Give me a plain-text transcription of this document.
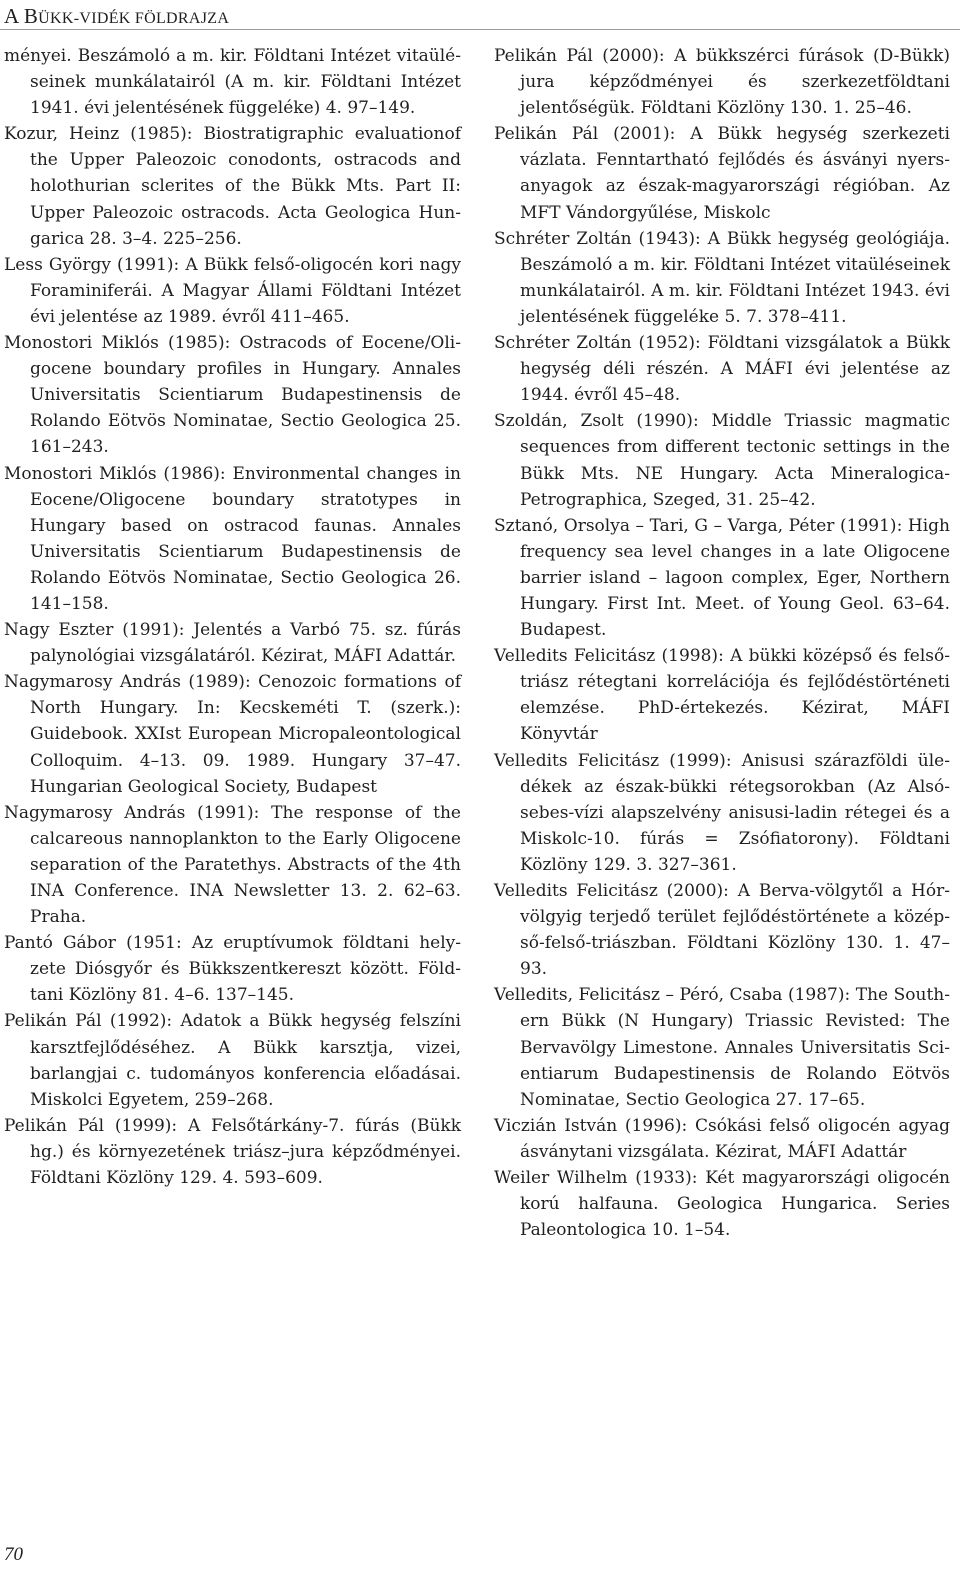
A BÜKK-VIDÉK FÖLDRAJZA

ményei. Beszámoló a m. kir. Földtani Intézet vitaüléseinek munkálatairól (A m. kir. Földtani Intézet 1941. évi jelentésének függeléke) 4. 97–149.

Kozur, Heinz (1985): Biostratigraphic evaluationof the Upper Paleozoic conodonts, ostracods and holothurian sclerites of the Bükk Mts. Part II: Upper Paleozoic ostracods. Acta Geologica Hungarica 28. 3–4. 225–256.

Less György (1991): A Bükk felső-oligocén kori nagy Foraminiferái. A Magyar Állami Földtani Intézet évi jelentése az 1989. évről 411–465.

Monostori Miklós (1985): Ostracods of Eocene/Oligocene boundary profiles in Hungary. Annales Universitatis Scientiarum Budapestinensis de Rolando Eötvös Nominatae, Sectio Geologica 25. 161–243.

Monostori Miklós (1986): Environmental changes in Eocene/Oligocene boundary stratotypes in Hungary based on ostracod faunas. Annales Universitatis Scientiarum Budapestinensis de Rolando Eötvös Nominatae, Sectio Geologica 26. 141–158.

Nagy Eszter (1991): Jelentés a Varbó 75. sz. fúrás palynológiai vizsgálatáról. Kézirat, MÁFI Adattár.

Nagymarosy András (1989): Cenozoic formations of North Hungary. In: Kecskeméti T. (szerk.): Guidebook. XXIst European Micropaleontological Colloquim. 4–13. 09. 1989. Hungary 37–47. Hungarian Geological Society, Budapest

Nagymarosy András (1991): The response of the calcareous nannoplankton to the Early Oligocene separation of the Paratethys. Abstracts of the 4th INA Conference. INA Newsletter 13. 2. 62–63. Praha.

Pantó Gábor (1951: Az eruptívumok földtani helyzete Diósgyőr és Bükkszentkereszt között. Földtani Közlöny 81. 4–6. 137–145.

Pelikán Pál (1992): Adatok a Bükk hegység felszíni karsztfejlődéséhez. A Bükk karsztja, vizei, barlangjai c. tudományos konferencia előadásai. Miskolci Egyetem, 259–268.

Pelikán Pál (1999): A Felsőtárkány-7. fúrás (Bükk hg.) és környezetének triász–jura képződményei. Földtani Közlöny 129. 4. 593–609.

Pelikán Pál (2000): A bükkszérci fúrások (D-Bükk) jura képződményei és szerkezetföldtani jelentőségük. Földtani Közlöny 130. 1. 25–46.

Pelikán Pál (2001): A Bükk hegység szerkezeti vázlata. Fenntartható fejlődés és ásványi nyersanyagok az észak-magyarországi régióban. Az MFT Vándorgyűlése, Miskolc

Schréter Zoltán (1943): A Bükk hegység geológiája. Beszámoló a m. kir. Földtani Intézet vitaüléseinek munkálatairól. A m. kir. Földtani Intézet 1943. évi jelentésének függeléke 5. 7. 378–411.

Schréter Zoltán (1952): Földtani vizsgálatok a Bükk hegység déli részén. A MÁFI évi jelentése az 1944. évről 45–48.

Szoldán, Zsolt (1990): Middle Triassic magmatic sequences from different tectonic settings in the Bükk Mts. NE Hungary. Acta Mineralogica-Petrographica, Szeged, 31. 25–42.

Sztanó, Orsolya – Tari, G – Varga, Péter (1991): High frequency sea level changes in a late Oligocene barrier island – lagoon complex, Eger, Northern Hungary. First Int. Meet. of Young Geol. 63–64. Budapest.

Velledits Felicitász (1998): A bükki középső és felső-triász rétegtani korrelációja és fejlődéstörténeti elemzése. PhD-értekezés. Kézirat, MÁFI Könyvtár

Velledits Felicitász (1999): Anisusi szárazföldi üledékek az észak-bükki rétegsorokban (Az Alsósebes-vízi alapszelvény anisusi-ladin rétegei és a Miskolc-10. fúrás = Zsófiatorony). Földtani Közlöny 129. 3. 327–361.

Velledits Felicitász (2000): A Berva-völgytől a Hórvölgyig terjedő terület fejlődéstörténete a középső-felső-triászban. Földtani Közlöny 130. 1. 47–93.

Velledits, Felicitász – Péró, Csaba (1987): The Southern Bükk (N Hungary) Triassic Revisted: The Bervavölgy Limestone. Annales Universitatis Scientiarum Budapestinensis de Rolando Eötvös Nominatae, Sectio Geologica 27. 17–65.

Viczián István (1996): Csókási felső oligocén agyag ásványtani vizsgálata. Kézirat, MÁFI Adattár

Weiler Wilhelm (1933): Két magyarországi oligocén korú halfauna. Geologica Hungarica. Series Paleontologica 10. 1–54.

70
